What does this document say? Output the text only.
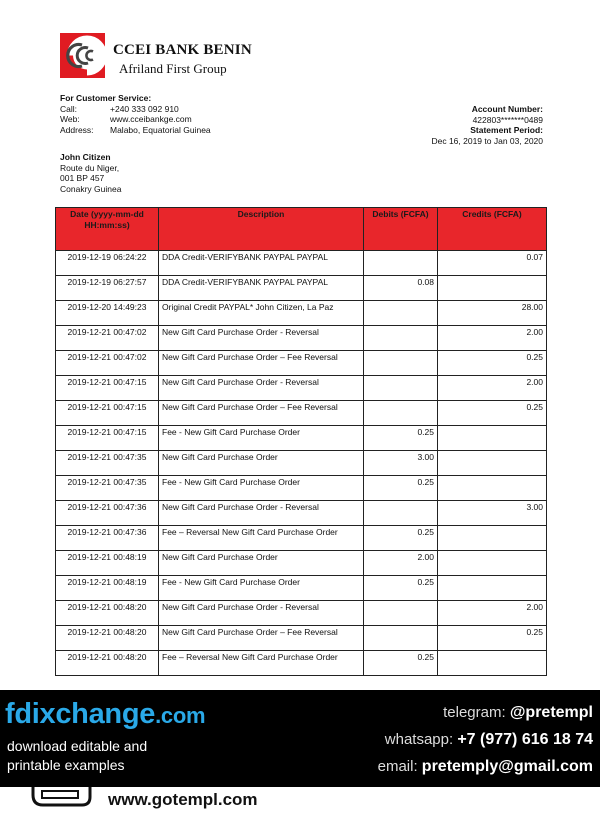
CCEI BANK BENIN
Afriland First Group
For Customer Service:
Call:	+240 333 092 910
Web:	www.cceibankge.com
Address:	Malabo, Equatorial Guinea
Account Number:
422803*******0489
Statement Period:
Dec 16, 2019 to Jan 03, 2020
John Citizen
Route du Niger,
001 BP 457
Conakry Guinea
Date (yyyy-mm-dd HH:mm:ss)	Description	Debits (FCFA)	Credits (FCFA)
2019-12-19 06:24:22	DDA Credit-VERIFYBANK PAYPAL PAYPAL		0.07
2019-12-19 06:27:57	DDA Credit-VERIFYBANK PAYPAL PAYPAL	0.08	
2019-12-20 14:49:23	Original Credit PAYPAL* John Citizen, La Paz		28.00
2019-12-21 00:47:02	New Gift Card Purchase Order - Reversal		2.00
2019-12-21 00:47:02	New Gift Card Purchase Order – Fee Reversal		0.25
2019-12-21 00:47:15	New Gift Card Purchase Order - Reversal		2.00
2019-12-21 00:47:15	New Gift Card Purchase Order – Fee Reversal		0.25
2019-12-21 00:47:15	Fee - New Gift Card Purchase Order	0.25	
2019-12-21 00:47:35	New Gift Card Purchase Order	3.00	
2019-12-21 00:47:35	Fee - New Gift Card Purchase Order	0.25	
2019-12-21 00:47:36	New Gift Card Purchase Order - Reversal		3.00
2019-12-21 00:47:36	Fee – Reversal New Gift Card Purchase Order	0.25	
2019-12-21 00:48:19	New Gift Card Purchase Order	2.00	
2019-12-21 00:48:19	Fee - New Gift Card Purchase Order	0.25	
2019-12-21 00:48:20	New Gift Card Purchase Order - Reversal		2.00
2019-12-21 00:48:20	New Gift Card Purchase Order – Fee Reversal		0.25
2019-12-21 00:48:20	Fee – Reversal New Gift Card Purchase Order	0.25	
fdixchange.com
download editable and
printable examples
telegram: @pretempl
whatsapp: +7 (977) 616 18 74
email: pretemply@gmail.com
www.gotempl.com
